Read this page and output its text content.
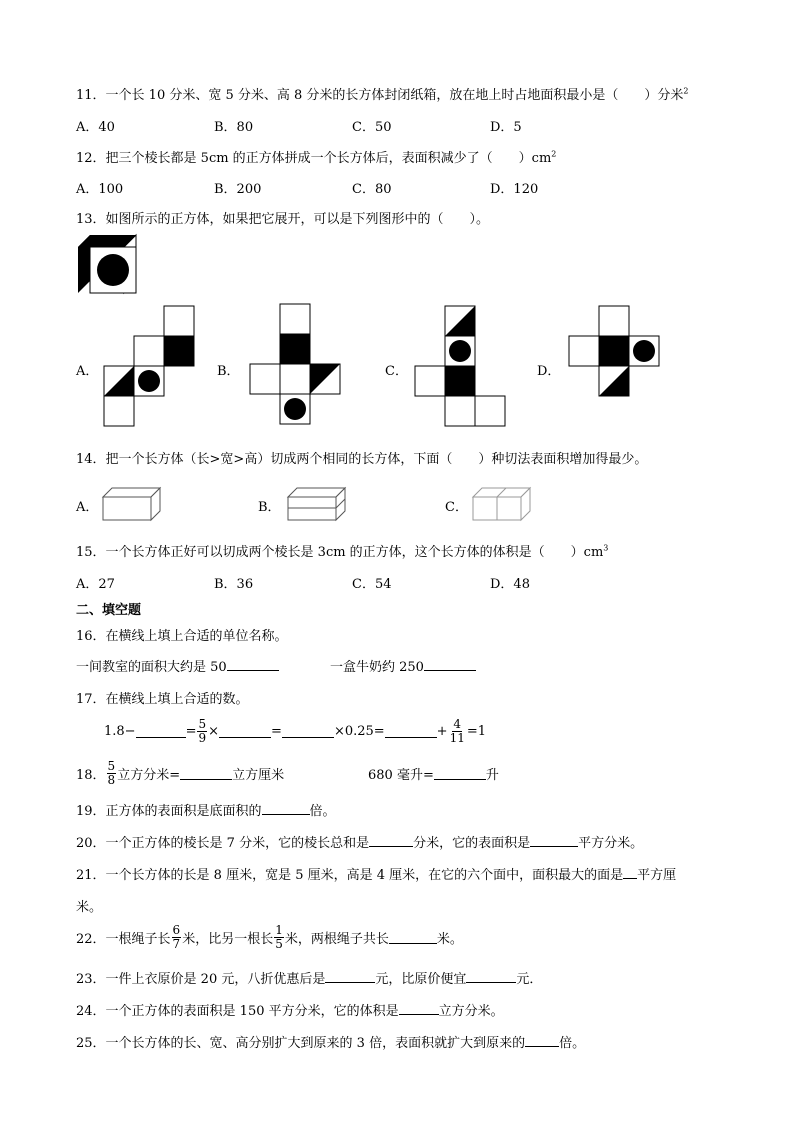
11．一个长 10 分米、宽 5 分米、高 8 分米的长方体封闭纸箱，放在地上时占地面积最小是（　　）分米$^2$
A．40	B．80	C．50	D．5
12．把三个棱长都是 5cm 的正方体拼成一个长方体后，表面积减少了（　　）$cm^2$
A．100	B．200	C．80	D．120
13．如图所示的正方体，如果把它展开，可以是下列图形中的（　　）。
A．	B．	C．	D．
14．把一个长方体（长>宽>高）切成两个相同的长方体，下面（　　）种切法表面积增加得最少。
A．	B．	C．
15．一个长方体正好可以切成两个棱长是 3cm 的正方体，这个长方体的体积是（　　）$cm^3$
A．27	B．36	C．54	D．48
二、填空题
16．在横线上填上合适的单位名称。
一间教室的面积大约是 50	一盒牛奶约 250
17．在横线上填上合适的数。
1.8−	= $\frac{5}{9}$ ×	=	×0.25=	+ $\frac{4}{11} =1$
18． $\frac{5}{8}$ 立方分米=	立方厘米	680 毫升=	升
19．正方体的表面积是底面积的	倍。
20．一个正方体的棱长是 7 分米，它的棱长总和是	分米，它的表面积是	平方分米。
21．一个长方体的长是 8 厘米，宽是 5 厘米，高是 4 厘米，在它的六个面中，面积最大的面是 平方厘
米。
22．一根绳子长 $\frac{6}{7}$ 米，比另一根长 $\frac{1}{5}$ 米，两根绳子共长	米。
23．一件上衣原价是 20 元，八折优惠后是	元，比原价便宜	元．
24．一个正方体的表面积是 150 平方分米，它的体积是	立方分米。
25．一个长方体的长、宽、高分别扩大到原来的 3 倍，表面积就扩大到原来的	倍。
